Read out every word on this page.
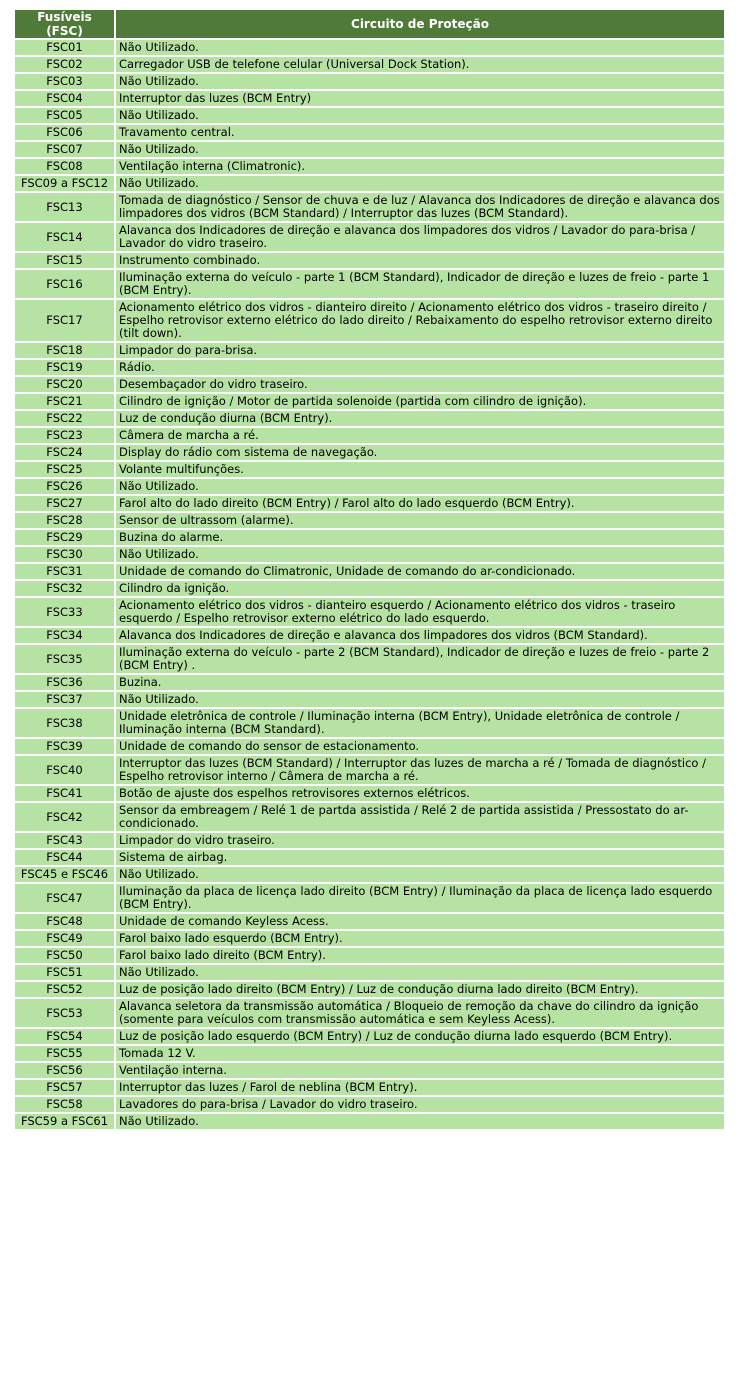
Fusíveis (FSC)	Circuito de Proteção
FSC01	Não Utilizado.
FSC02	Carregador USB de telefone celular (Universal Dock Station).
FSC03	Não Utilizado.
FSC04	Interruptor das luzes (BCM Entry)
FSC05	Não Utilizado.
FSC06	Travamento central.
FSC07	Não Utilizado.
FSC08	Ventilação interna (Climatronic).
FSC09 a FSC12	Não Utilizado.
FSC13	Tomada de diagnóstico / Sensor de chuva e de luz / Alavanca dos Indicadores de direção e alavanca dos limpadores dos vidros (BCM Standard) / Interruptor das luzes (BCM Standard).
FSC14	Alavanca dos Indicadores de direção e alavanca dos limpadores dos vidros / Lavador do para-brisa / Lavador do vidro traseiro.
FSC15	Instrumento combinado.
FSC16	Iluminação externa do veículo - parte 1 (BCM Standard), Indicador de direção e luzes de freio - parte 1 (BCM Entry).
FSC17	Acionamento elétrico dos vidros - dianteiro direito / Acionamento elétrico dos vidros - traseiro direito / Espelho retrovisor externo elétrico do lado direito / Rebaixamento do espelho retrovisor externo direito (tilt down).
FSC18	Limpador do para-brisa.
FSC19	Rádio.
FSC20	Desembaçador do vidro traseiro.
FSC21	Cilindro de ignição / Motor de partida solenoide (partida com cilindro de ignição).
FSC22	Luz de condução diurna (BCM Entry).
FSC23	Câmera de marcha a ré.
FSC24	Display do rádio com sistema de navegação.
FSC25	Volante multifunções.
FSC26	Não Utilizado.
FSC27	Farol alto do lado direito (BCM Entry) / Farol alto do lado esquerdo (BCM Entry).
FSC28	Sensor de ultrassom (alarme).
FSC29	Buzina do alarme.
FSC30	Não Utilizado.
FSC31	Unidade de comando do Climatronic, Unidade de comando do ar-condicionado.
FSC32	Cilindro da ignição.
FSC33	Acionamento elétrico dos vidros - dianteiro esquerdo / Acionamento elétrico dos vidros - traseiro esquerdo / Espelho retrovisor externo elétrico do lado esquerdo.
FSC34	Alavanca dos Indicadores de direção e alavanca dos limpadores dos vidros (BCM Standard).
FSC35	Iluminação externa do veículo - parte 2 (BCM Standard), Indicador de direção e luzes de freio - parte 2 (BCM Entry) .
FSC36	Buzina.
FSC37	Não Utilizado.
FSC38	Unidade eletrônica de controle / Iluminação interna (BCM Entry), Unidade eletrônica de controle / Iluminação interna (BCM Standard).
FSC39	Unidade de comando do sensor de estacionamento.
FSC40	Interruptor das luzes (BCM Standard) / Interruptor das luzes de marcha a ré / Tomada de diagnóstico / Espelho retrovisor interno / Câmera de marcha a ré.
FSC41	Botão de ajuste dos espelhos retrovisores externos elétricos.
FSC42	Sensor da embreagem / Relé 1 de partda assistida / Relé 2 de partida assistida / Pressostato do ar-condicionado.
FSC43	Limpador do vidro traseiro.
FSC44	Sistema de airbag.
FSC45 e FSC46	Não Utilizado.
FSC47	Iluminação da placa de licença lado direito (BCM Entry) / Iluminação da placa de licença lado esquerdo (BCM Entry).
FSC48	Unidade de comando Keyless Acess.
FSC49	Farol baixo lado esquerdo (BCM Entry).
FSC50	Farol baixo lado direito (BCM Entry).
FSC51	Não Utilizado.
FSC52	Luz de posição lado direito (BCM Entry) / Luz de condução diurna lado direito (BCM Entry).
FSC53	Alavanca seletora da transmissão automática / Bloqueio de remoção da chave do cilindro da ignição (somente para veículos com transmissão automática e sem Keyless Acess).
FSC54	Luz de posição lado esquerdo (BCM Entry) / Luz de condução diurna lado esquerdo (BCM Entry).
FSC55	Tomada 12 V.
FSC56	Ventilação interna.
FSC57	Interruptor das luzes / Farol de neblina (BCM Entry).
FSC58	Lavadores do para-brisa / Lavador do vidro traseiro.
FSC59 a FSC61	Não Utilizado.
